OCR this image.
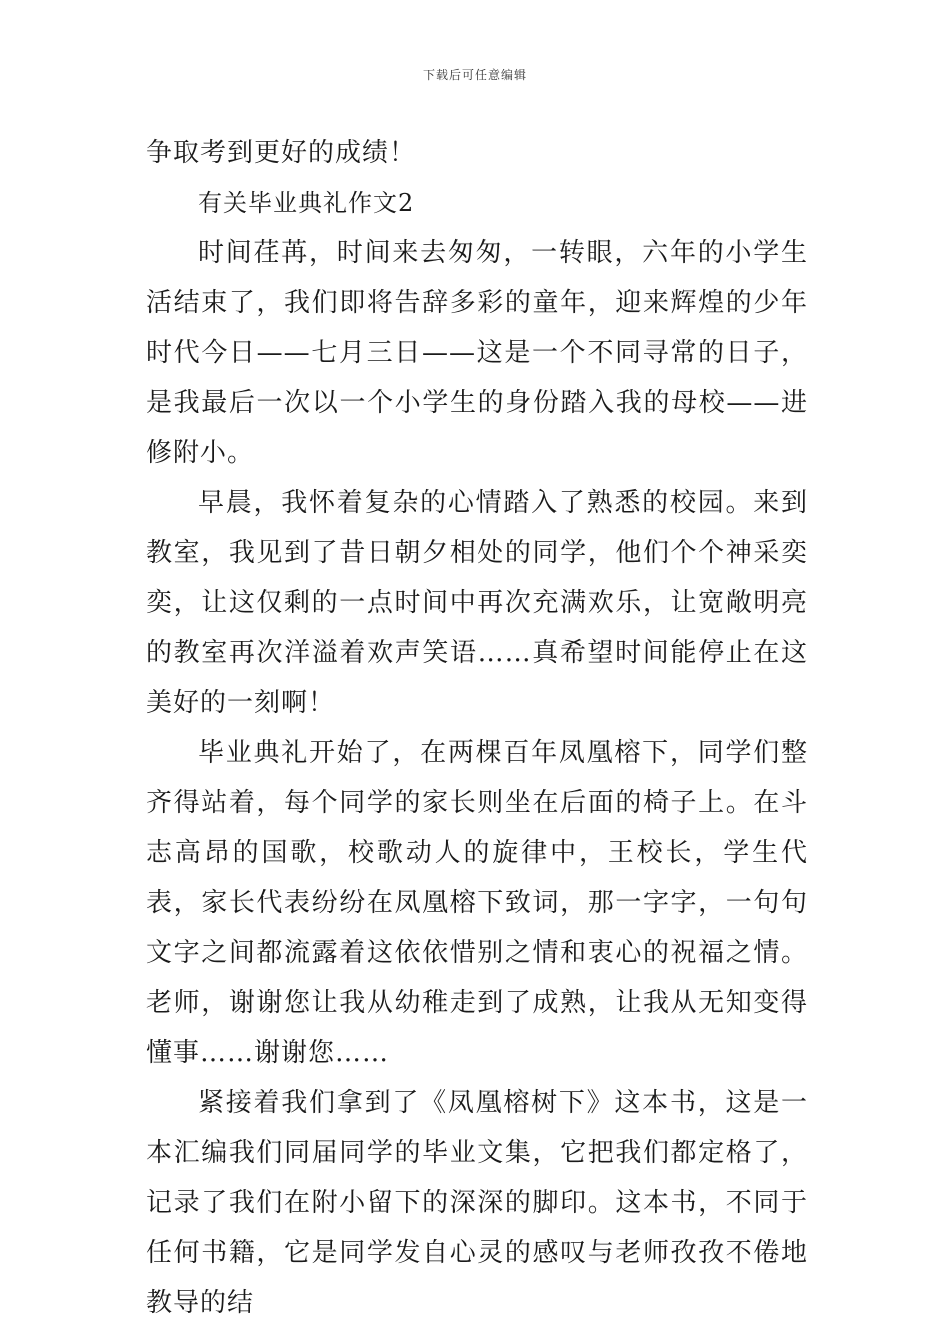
下载后可任意编辑

争取考到更好的成绩！

有关毕业典礼作文2

时间荏苒，时间来去匆匆，一转眼，六年的小学生活结束了，我们即将告辞多彩的童年，迎来辉煌的少年时代今日——七月三日——这是一个不同寻常的日子，是我最后一次以一个小学生的身份踏入我的母校——进修附小。

早晨，我怀着复杂的心情踏入了熟悉的校园。来到教室，我见到了昔日朝夕相处的同学，他们个个神采奕奕，让这仅剩的一点时间中再次充满欢乐，让宽敞明亮的教室再次洋溢着欢声笑语……真希望时间能停止在这美好的一刻啊！

毕业典礼开始了，在两棵百年凤凰榕下，同学们整齐得站着，每个同学的家长则坐在后面的椅子上。在斗志高昂的国歌，校歌动人的旋律中，王校长，学生代表，家长代表纷纷在凤凰榕下致词，那一字字，一句句文字之间都流露着这依依惜别之情和衷心的祝福之情。老师，谢谢您让我从幼稚走到了成熟，让我从无知变得懂事……谢谢您……

紧接着我们拿到了《凤凰榕树下》这本书，这是一本汇编我们同届同学的毕业文集，它把我们都定格了，记录了我们在附小留下的深深的脚印。这本书，不同于任何书籍，它是同学发自心灵的感叹与老师孜孜不倦地教导的结
